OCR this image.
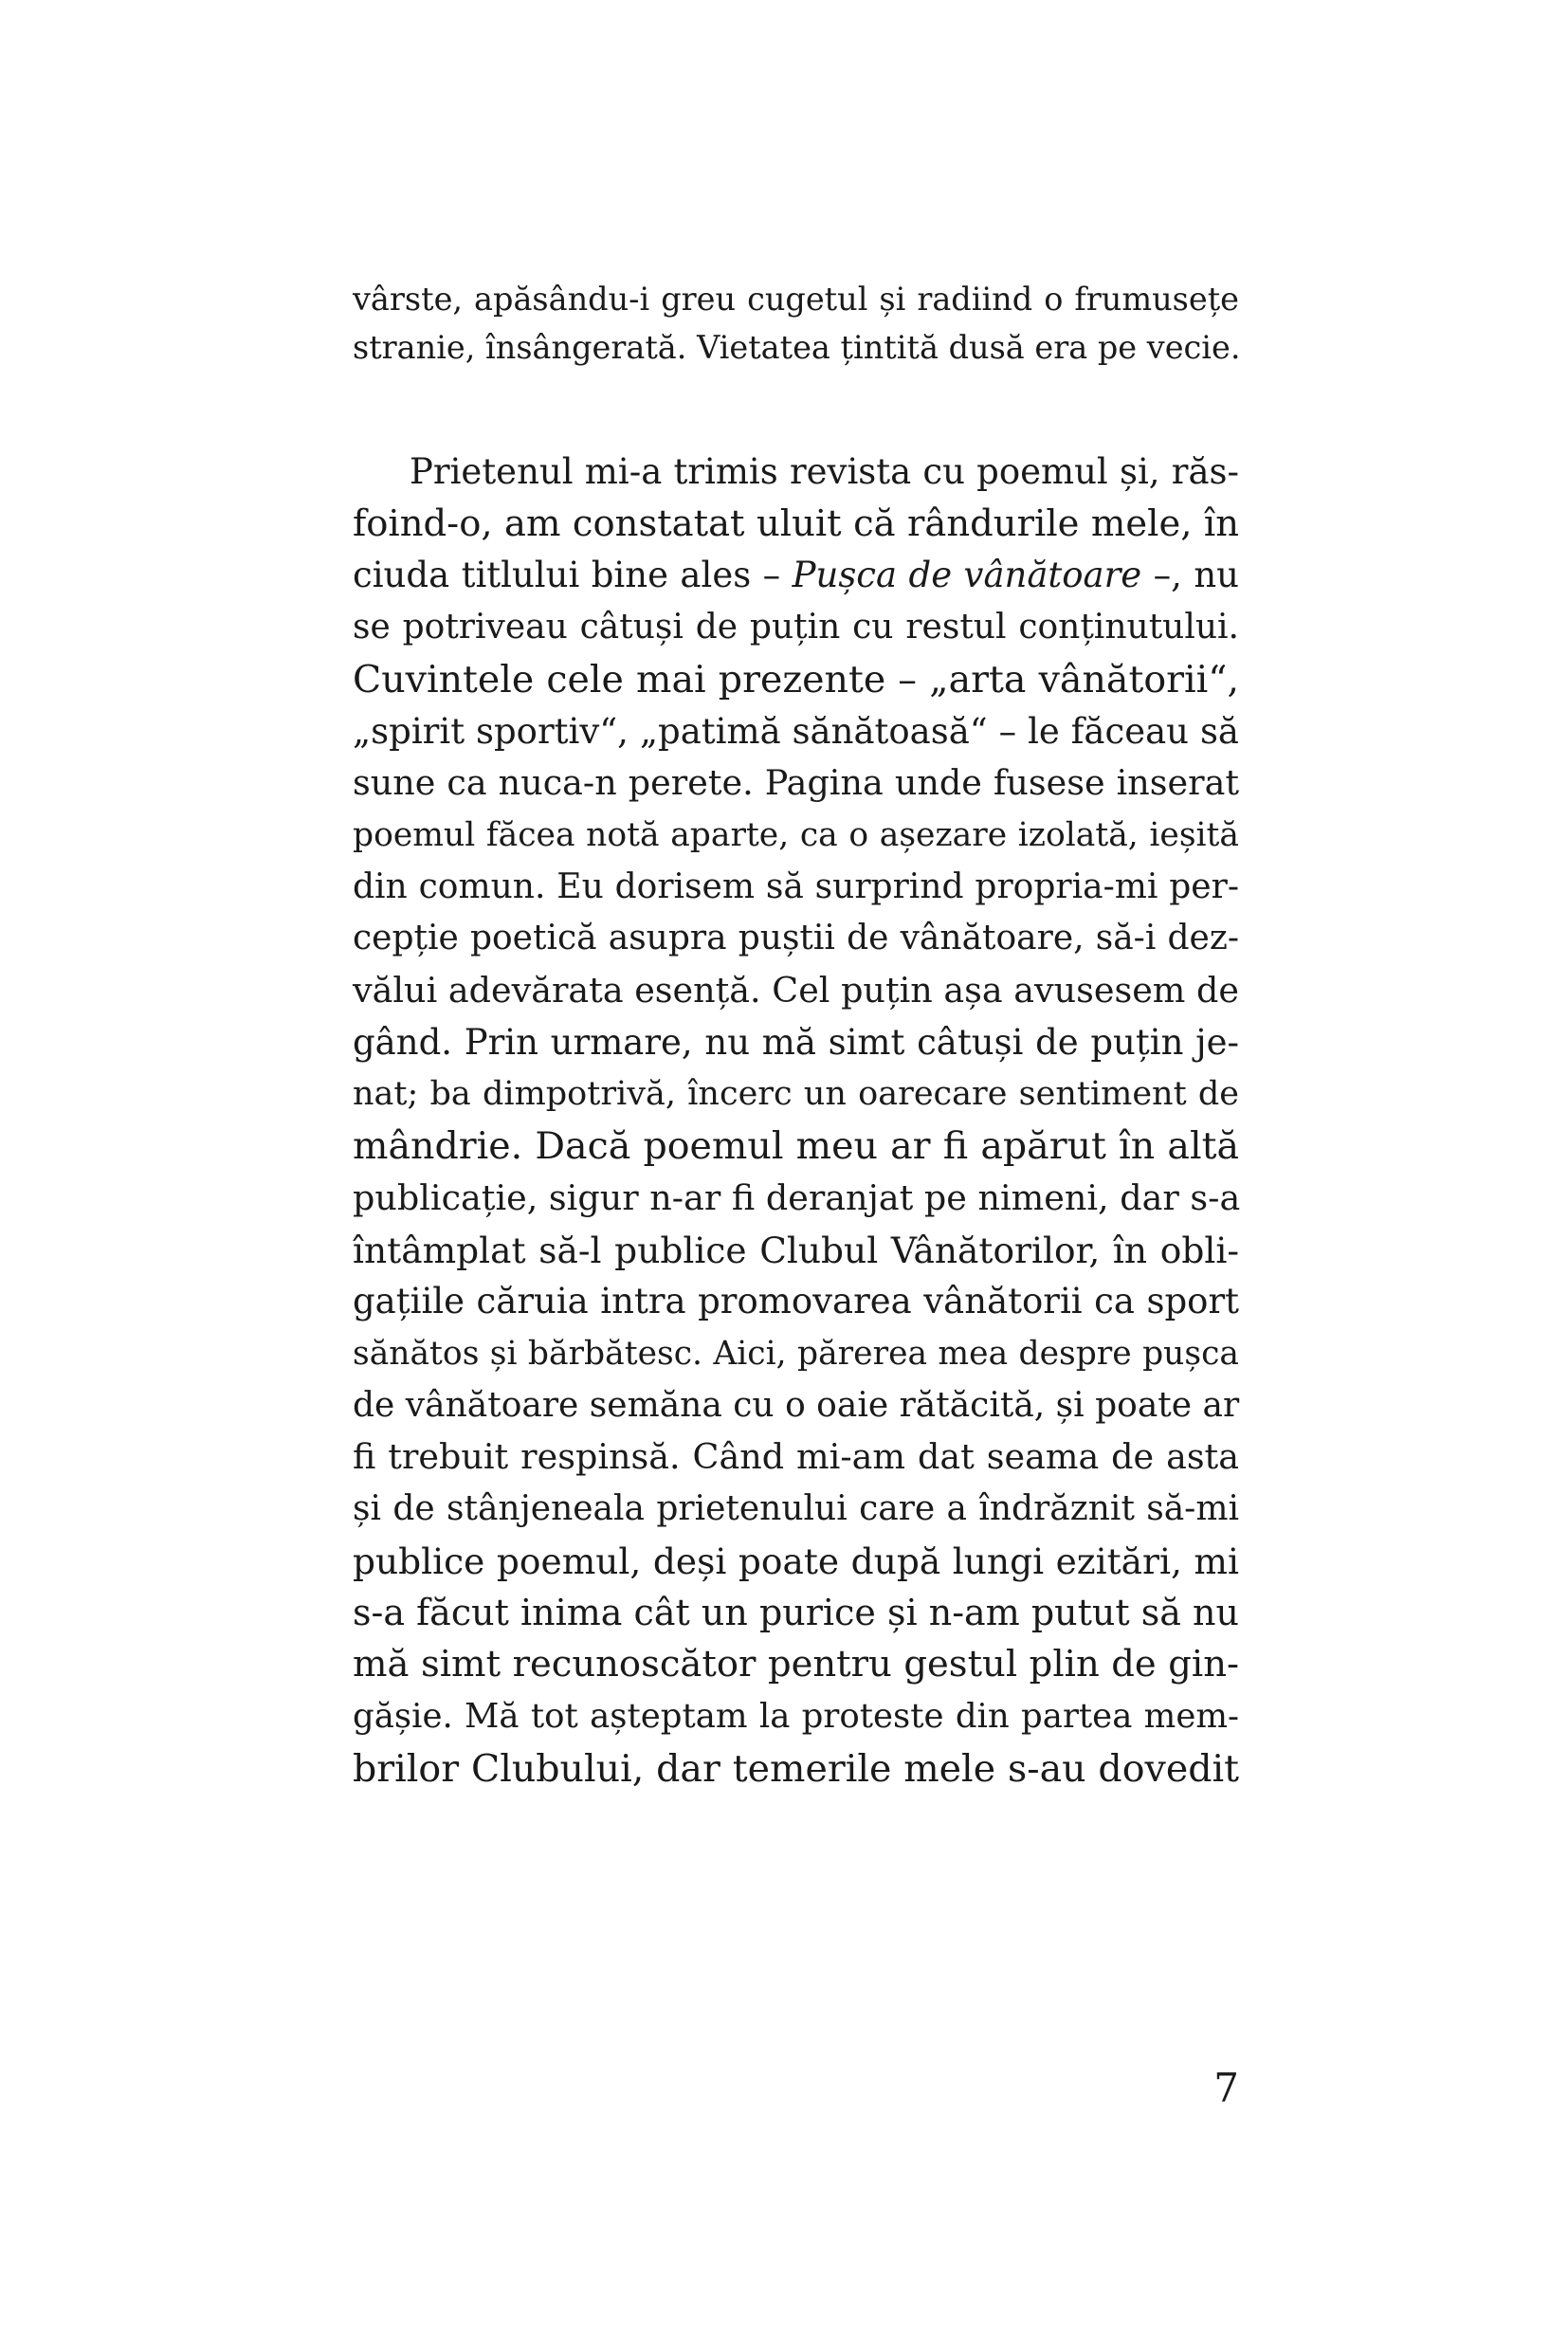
vârste, apăsându-i greu cugetul și radiind o frumusețe
stranie, însângerată. Vietatea țintită dusă era pe vecie.
Prietenul mi-a trimis revista cu poemul și, răs-
foind-o, am constatat uluit că rândurile mele, în
ciuda titlului bine ales – Pușca de vânătoare –, nu
se potriveau câtuși de puțin cu restul conținutului.
Cuvintele cele mai prezente – „arta vânătorii“,
„spirit sportiv“, „patimă sănătoasă“ – le făceau să
sune ca nuca-n perete. Pagina unde fusese inserat
poemul făcea notă aparte, ca o așezare izolată, ieșită
din comun. Eu dorisem să surprind propria-mi per-
cepție poetică asupra puștii de vânătoare, să-i dez-
vălui adevărata esență. Cel puțin așa avusesem de
gând. Prin urmare, nu mă simt câtuși de puțin je-
nat; ba dimpotrivă, încerc un oarecare sentiment de
mândrie. Dacă poemul meu ar fi apărut în altă
publicație, sigur n-ar fi deranjat pe nimeni, dar s-a
întâmplat să-l publice Clubul Vânătorilor, în obli-
gațiile căruia intra promovarea vânătorii ca sport
sănătos și bărbătesc. Aici, părerea mea despre pușca
de vânătoare semăna cu o oaie rătăcită, și poate ar
fi trebuit respinsă. Când mi-am dat seama de asta
și de stânjeneala prietenului care a îndrăznit să-mi
publice poemul, deși poate după lungi ezitări, mi
s-a făcut inima cât un purice și n-am putut să nu
mă simt recunoscător pentru gestul plin de gin-
gășie. Mă tot așteptam la proteste din partea mem-
brilor Clubului, dar temerile mele s-au dovedit
7
